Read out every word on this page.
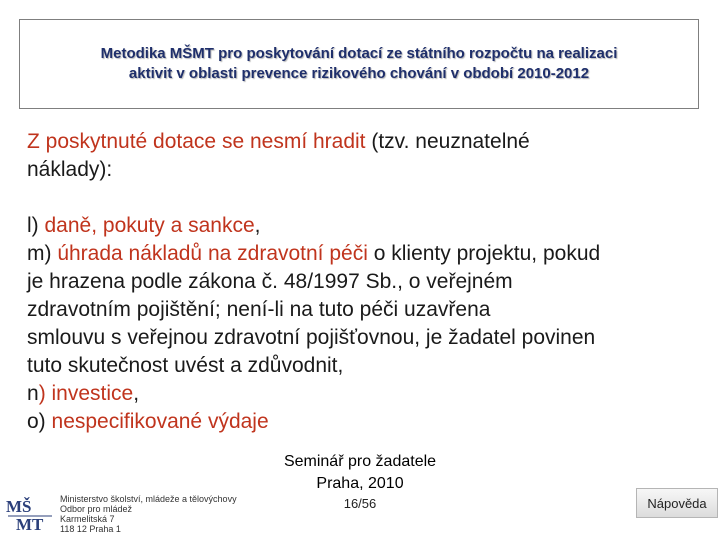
Metodika MŠMT pro poskytování dotací ze státního rozpočtu na realizaci
aktivit v oblasti prevence rizikového chování v období 2010-2012

Z poskytnuté dotace se nesmí hradit (tzv. neuznatelné

náklady):

l) daně, pokuty a sankce,

m) úhrada nákladů na zdravotní péči o klienty projektu, pokud

je hrazena podle zákona č. 48/1997 Sb., o veřejném

zdravotním pojištění; není-li na tuto péči uzavřena

smlouvu s veřejnou zdravotní pojišťovnou, je žadatel povinen

tuto skutečnost uvést a zdůvodnit,

n) investice,

o) nespecifikované výdaje

Seminář pro žadatele
Praha, 2010
16/56
MŠ
MT
Ministerstvo školství, mládeže a tělovýchovy
Odbor pro mládež
Karmelitská 7
118 12 Praha 1
Nápověda
